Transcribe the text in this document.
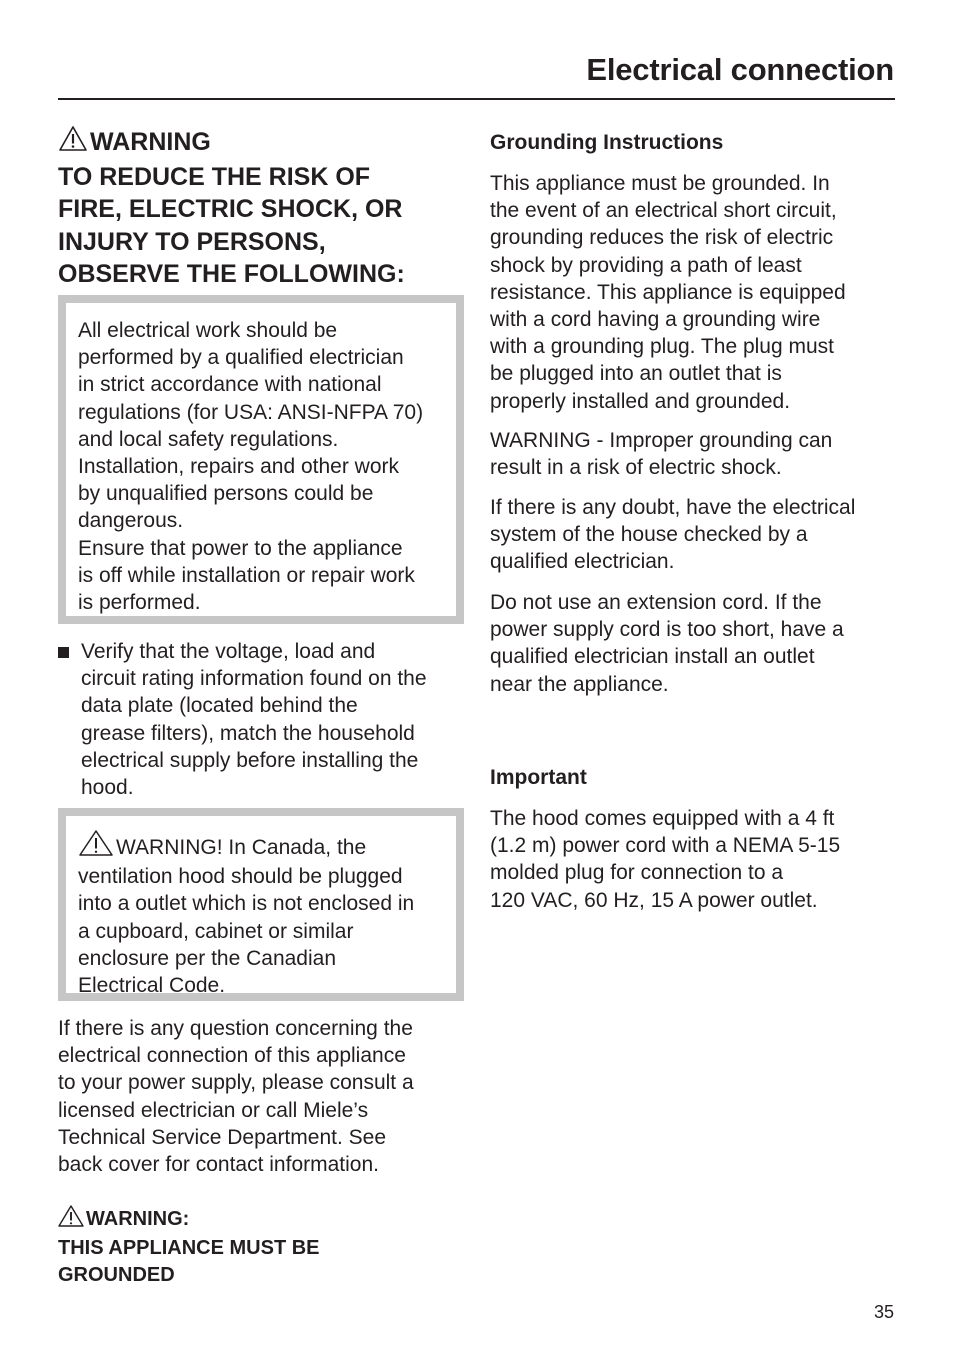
Electrical connection
WARNING
TO REDUCE THE RISK OF
FIRE, ELECTRIC SHOCK, OR
INJURY TO PERSONS,
OBSERVE THE FOLLOWING:
All electrical work should be
performed by a qualified electrician
in strict accordance with national
regulations (for USA: ANSI-NFPA 70)
and local safety regulations.
Installation, repairs and other work
by unqualified persons could be
dangerous.
Ensure that power to the appliance
is off while installation or repair work
is performed.
Verify that the voltage, load and
circuit rating information found on the
data plate (located behind the
grease filters), match the household
electrical supply before installing the
hood.
WARNING! In Canada, the
ventilation hood should be plugged
into a outlet which is not enclosed in
a cupboard, cabinet or similar
enclosure per the Canadian
Electrical Code.
If there is any question concerning the
electrical connection of this appliance
to your power supply, please consult a
licensed electrician or call Miele’s
Technical Service Department. See
back cover for contact information.
WARNING:
THIS APPLIANCE MUST BE
GROUNDED
Grounding Instructions
This appliance must be grounded. In
the event of an electrical short circuit,
grounding reduces the risk of electric
shock by providing a path of least
resistance. This appliance is equipped
with a cord having a grounding wire
with a grounding plug. The plug must
be plugged into an outlet that is
properly installed and grounded.
WARNING - Improper grounding can
result in a risk of electric shock.
If there is any doubt, have the electrical
system of the house checked by a
qualified electrician.
Do not use an extension cord. If the
power supply cord is too short, have a
qualified electrician install an outlet
near the appliance.
Important
The hood comes equipped with a 4 ft
(1.2 m) power cord with a NEMA 5-15
molded plug for connection to a
120 VAC, 60 Hz, 15 A power outlet.
35
